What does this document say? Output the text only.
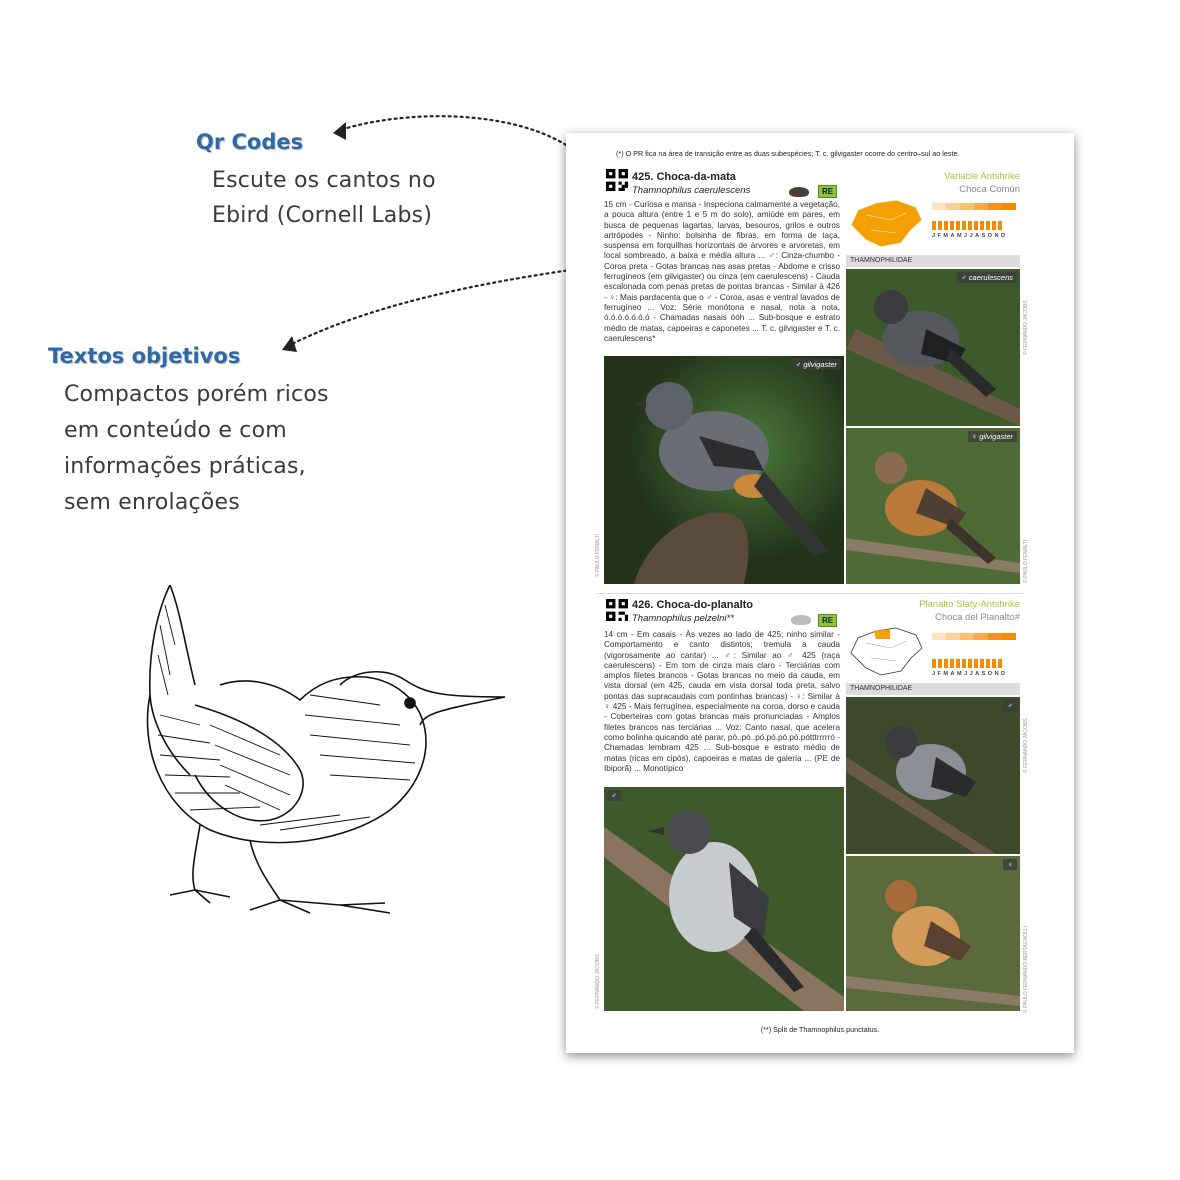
Qr Codes
Escute os cantos no
Ebird (Cornell Labs)
Textos objetivos
Compactos porém ricos
em conteúdo e com
informações práticas,
sem enrolações
(*) O PR fica na área de transição entre as duas subespécies; T. c. gilvigaster ocorre do centro–sul ao leste.
425. Choca-da-mata
Thamnophilus caerulescens	RE
Variable Antshrike
Choca Común
JFMAMJJASOND
15 cm - Curiosa e mansa - Inspeciona calmamente a vegetação, a pouca altura (entre 1 e 5 m do solo), amiúde em pares, em busca de pequenas lagartas, larvas, besouros, grilos e outros artrópodes - Ninho: bolsinha de fibras, em forma de taça, suspensa em forquilhas horizontais de árvores e arvoretas, em local sombreado, a baixa e média altura ... ♂: Cinza-chumbo - Coroa preta - Gotas brancas nas asas pretas - Abdome e crisso ferrugíneos (em gilvigaster) ou cinza (em caerulescens) - Cauda escalonada com penas pretas de pontas brancas - Similar à 426 - ♀: Mais pardacenta que o ♂ - Coroa, asas e ventral lavados de ferrugíneo ... Voz: Série monótona e nasal, nota a nota, ó.ó.ó.ó.ó.ó.ó - Chamadas nasais óóh ... Sub-bosque e estrato médio de matas, capoeiras e caponetes ... T. c. gilvigaster e T. c. caerulescens*
THAMNOPHILIDAE
♂ gilvigaster
♂ caerulescens
♀ gilvigaster
© PAULO FENALTI
© FERNANDO JACOBS
© PAULO FENALTI
426. Choca-do-planalto
Thamnophilus pelzelni**	RE
Planalto Slaty-Antshrike
Choca del Planalto#
JFMAMJJASOND
14 cm - Em casais - Às vezes ao lado de 425; ninho similar - Comportamento e canto distintos; tremula a cauda (vigorosamente ao cantar) ... ♂: Similar ao ♂ 425 (raça caerulescens) - Em tom de cinza mais claro - Terciárias com amplos filetes brancos - Gotas brancas no meio da cauda, em vista dorsal (em 425, cauda em vista dorsal toda preta, salvo pontas das supracaudais com pontinhas brancas) - ♀: Similar à ♀ 425 - Mais ferrugínea, especialmente na coroa, dorso e cauda - Coberteiras com gotas brancas mais pronunciadas - Amplos filetes brancos nas terciárias ... Voz: Canto nasal, que acelera como bolinha quicando até parar, pó..pó..pó.pó.pó.pó.pótttrrrrró - Chamadas lembram 425 ... Sub-bosque e estrato médio de matas (ricas em cipós), capoeiras e matas de galeria ... (PE de Ibiporã) ... Monotípico
THAMNOPHILIDAE
♂
♂
♀
© FERNANDO JACOBS
© FERNANDO JACOBS
© PAULO FERNANDO BERTAGNOLLI
(**) Split de Thamnophilus punctatus.
